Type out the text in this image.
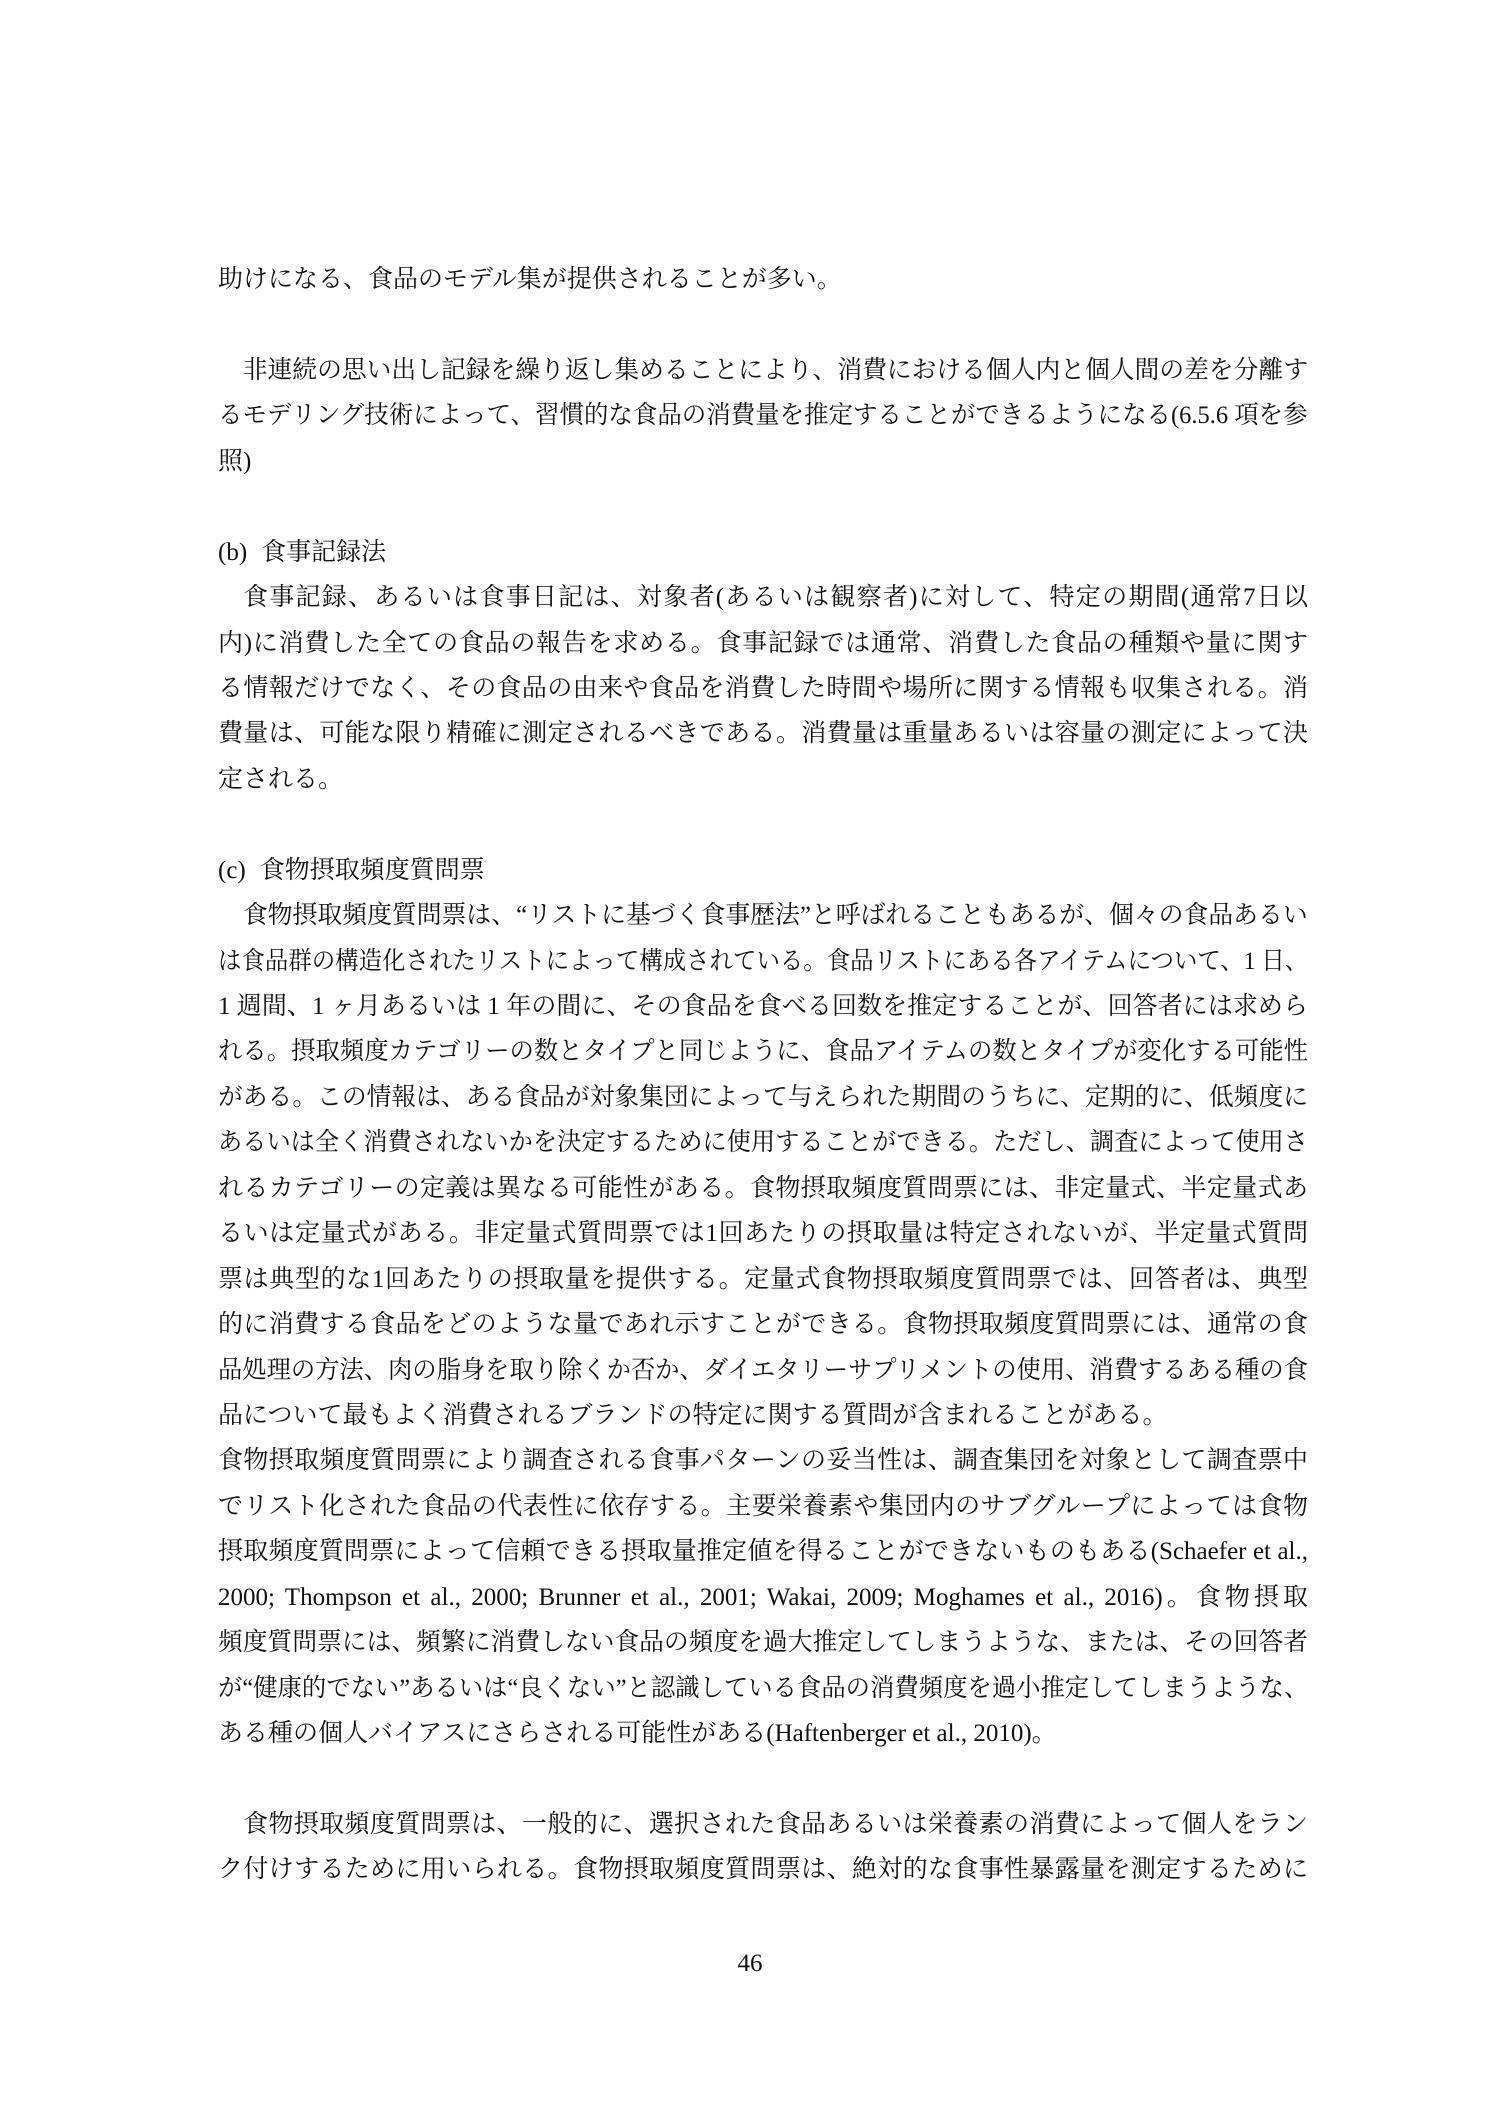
助けになる、食品のモデル集が提供されることが多い。
非連続の思い出し記録を繰り返し集めることにより、消費における個人内と個人間の差を分離す
るモデリング技術によって、習慣的な食品の消費量を推定することができるようになる(6.5.6 項を参
照)
(b) 食事記録法
食事記録、あるいは食事日記は、対象者(あるいは観察者)に対して、特定の期間(通常7日以
内)に消費した全ての食品の報告を求める。食事記録では通常、消費した食品の種類や量に関す
る情報だけでなく、その食品の由来や食品を消費した時間や場所に関する情報も収集される。消
費量は、可能な限り精確に測定されるべきである。消費量は重量あるいは容量の測定によって決
定される。
(c) 食物摂取頻度質問票
食物摂取頻度質問票は、“リストに基づく食事歴法”と呼ばれることもあるが、個々の食品あるい
は食品群の構造化されたリストによって構成されている。食品リストにある各アイテムについて、1 日、
1 週間、1 ヶ月あるいは 1 年の間に、その食品を食べる回数を推定することが、回答者には求めら
れる。摂取頻度カテゴリーの数とタイプと同じように、食品アイテムの数とタイプが変化する可能性
がある。この情報は、ある食品が対象集団によって与えられた期間のうちに、定期的に、低頻度に
あるいは全く消費されないかを決定するために使用することができる。ただし、調査によって使用さ
れるカテゴリーの定義は異なる可能性がある。食物摂取頻度質問票には、非定量式、半定量式あ
るいは定量式がある。非定量式質問票では1回あたりの摂取量は特定されないが、半定量式質問
票は典型的な1回あたりの摂取量を提供する。定量式食物摂取頻度質問票では、回答者は、典型
的に消費する食品をどのような量であれ示すことができる。食物摂取頻度質問票には、通常の食
品処理の方法、肉の脂身を取り除くか否か、ダイエタリーサプリメントの使用、消費するある種の食
品について最もよく消費されるブランドの特定に関する質問が含まれることがある。
食物摂取頻度質問票により調査される食事パターンの妥当性は、調査集団を対象として調査票中
でリスト化された食品の代表性に依存する。主要栄養素や集団内のサブグループによっては食物
摂取頻度質問票によって信頼できる摂取量推定値を得ることができないものもある(Schaefer et al.,
2000; Thompson et al., 2000; Brunner et al., 2001; Wakai, 2009; Moghames et al., 2016)。食物摂取
頻度質問票には、頻繁に消費しない食品の頻度を過大推定してしまうような、または、その回答者
が“健康的でない”あるいは“良くない”と認識している食品の消費頻度を過小推定してしまうような、
ある種の個人バイアスにさらされる可能性がある(Haftenberger et al., 2010)。
食物摂取頻度質問票は、一般的に、選択された食品あるいは栄養素の消費によって個人をラン
ク付けするために用いられる。食物摂取頻度質問票は、絶対的な食事性暴露量を測定するために
46
